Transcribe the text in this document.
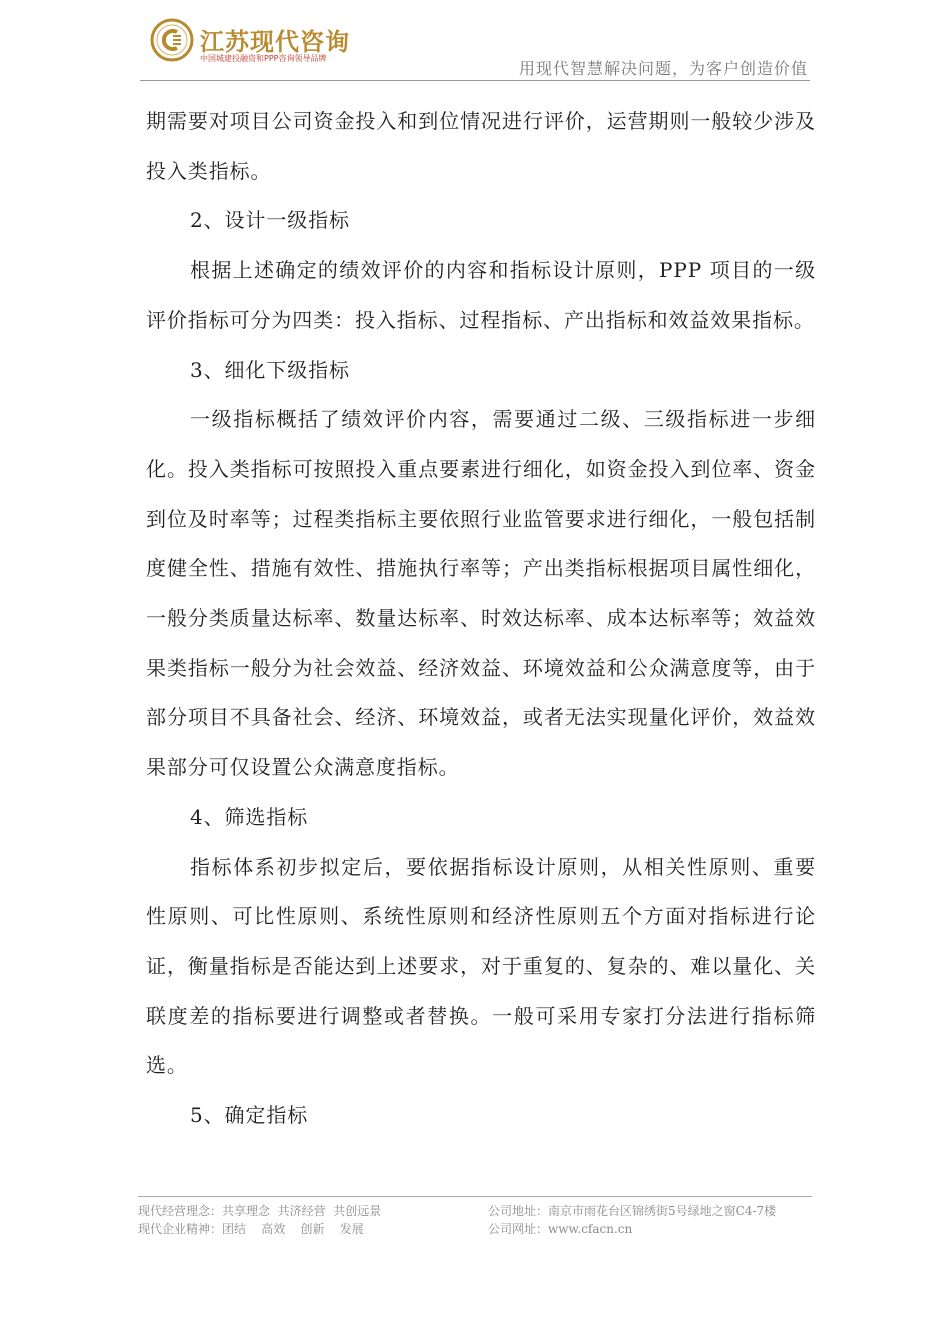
江苏现代咨询
中国城建投融资和PPP咨询领导品牌
用现代智慧解决问题，为客户创造价值

期需要对项目公司资金投入和到位情况进行评价，运营期则一般较少涉及投入类指标。

2、设计一级指标

根据上述确定的绩效评价的内容和指标设计原则，PPP 项目的一级评价指标可分为四类：投入指标、过程指标、产出指标和效益效果指标。

3、细化下级指标

一级指标概括了绩效评价内容，需要通过二级、三级指标进一步细化。投入类指标可按照投入重点要素进行细化，如资金投入到位率、资金到位及时率等；过程类指标主要依照行业监管要求进行细化，一般包括制度健全性、措施有效性、措施执行率等；产出类指标根据项目属性细化，一般分类质量达标率、数量达标率、时效达标率、成本达标率等；效益效果类指标一般分为社会效益、经济效益、环境效益和公众满意度等，由于部分项目不具备社会、经济、环境效益，或者无法实现量化评价，效益效果部分可仅设置公众满意度指标。

4、筛选指标

指标体系初步拟定后，要依据指标设计原则，从相关性原则、重要性原则、可比性原则、系统性原则和经济性原则五个方面对指标进行论证，衡量指标是否能达到上述要求，对于重复的、复杂的、难以量化、关联度差的指标要进行调整或者替换。一般可采用专家打分法进行指标筛选。

5、确定指标

现代经营理念：共享理念  共济经营  共创远景
现代企业精神：团结    高效    创新    发展
公司地址：南京市雨花台区锦绣街5号绿地之窗C4-7楼
公司网址：www.cfacn.cn
